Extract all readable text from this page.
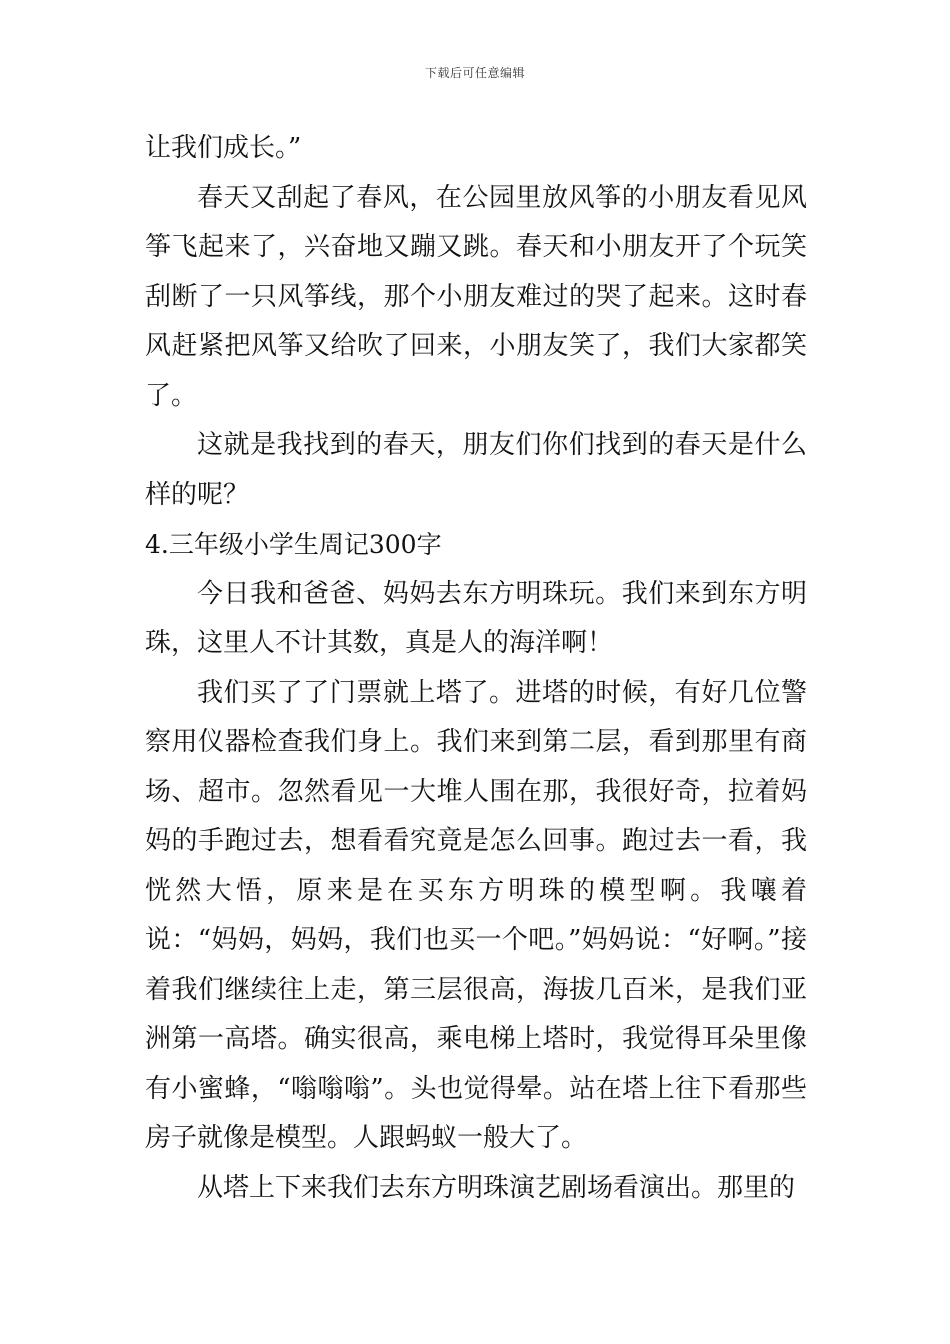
下载后可任意编辑

让我们成长。”

春天又刮起了春风，在公园里放风筝的小朋友看见风筝飞起来了，兴奋地又蹦又跳。春天和小朋友开了个玩笑刮断了一只风筝线，那个小朋友难过的哭了起来。这时春风赶紧把风筝又给吹了回来，小朋友笑了，我们大家都笑了。

这就是我找到的春天，朋友们你们找到的春天是什么样的呢？

4.三年级小学生周记300字

今日我和爸爸、妈妈去东方明珠玩。我们来到东方明珠，这里人不计其数，真是人的海洋啊！

我们买了了门票就上塔了。进塔的时候，有好几位警察用仪器检查我们身上。我们来到第二层，看到那里有商场、超市。忽然看见一大堆人围在那，我很好奇，拉着妈妈的手跑过去，想看看究竟是怎么回事。跑过去一看，我恍然大悟，原来是在买东方明珠的模型啊。我嚷着说：“妈妈，妈妈，我们也买一个吧。”妈妈说：“好啊。”接着我们继续往上走，第三层很高，海拔几百米，是我们亚洲第一高塔。确实很高，乘电梯上塔时，我觉得耳朵里像有小蜜蜂，“嗡嗡嗡”。头也觉得晕。站在塔上往下看那些房子就像是模型。人跟蚂蚁一般大了。

从塔上下来我们去东方明珠演艺剧场看演出。那里的
